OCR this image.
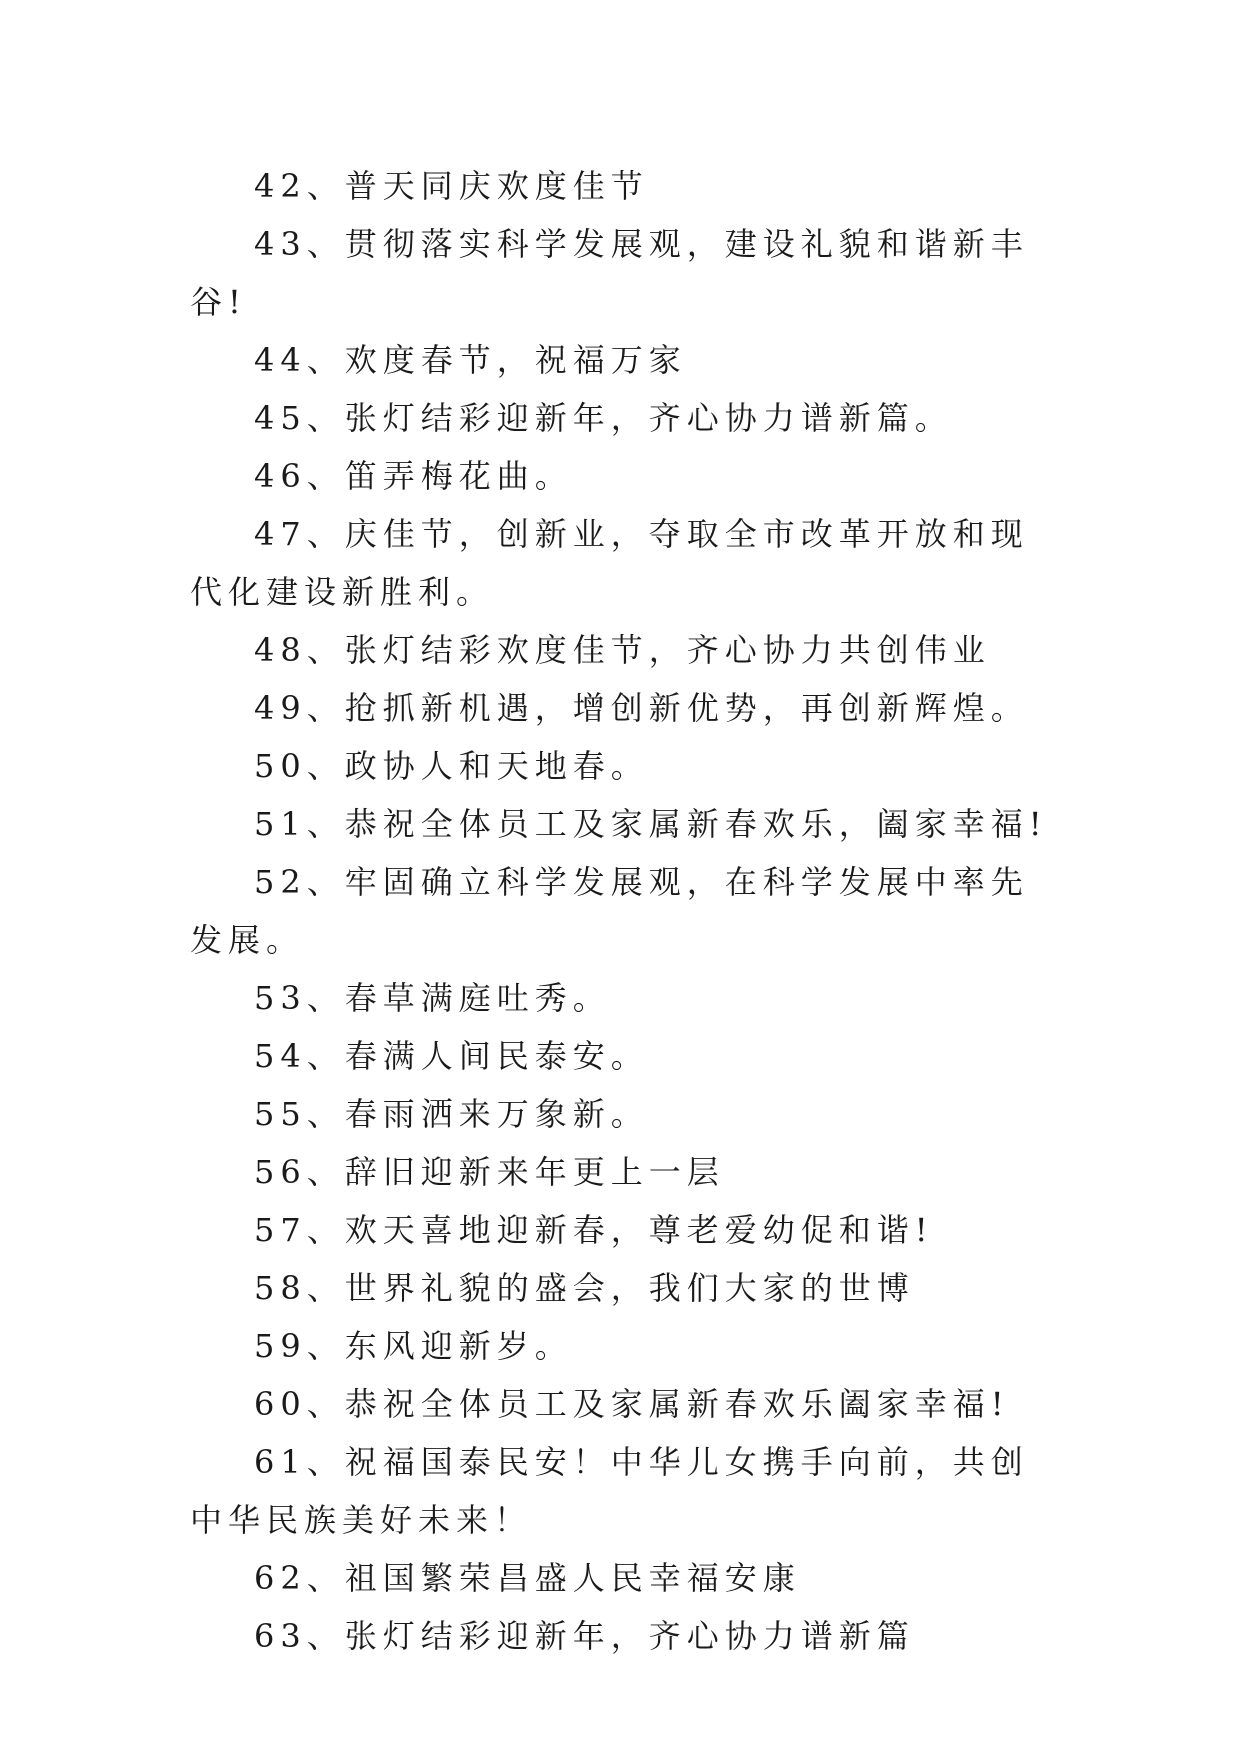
42、普天同庆欢度佳节

43、贯彻落实科学发展观，建设礼貌和谐新丰谷!

44、欢度春节，祝福万家

45、张灯结彩迎新年，齐心协力谱新篇。

46、笛弄梅花曲。

47、庆佳节，创新业，夺取全市改革开放和现代化建设新胜利。

48、张灯结彩欢度佳节，齐心协力共创伟业

49、抢抓新机遇，增创新优势，再创新辉煌。

50、政协人和天地春。

51、恭祝全体员工及家属新春欢乐，阖家幸福!

52、牢固确立科学发展观，在科学发展中率先发展。

53、春草满庭吐秀。

54、春满人间民泰安。

55、春雨洒来万象新。

56、辞旧迎新来年更上一层

57、欢天喜地迎新春，尊老爱幼促和谐!

58、世界礼貌的盛会，我们大家的世博

59、东风迎新岁。

60、恭祝全体员工及家属新春欢乐阖家幸福!

61、祝福国泰民安！中华儿女携手向前，共创中华民族美好未来！

62、祖国繁荣昌盛人民幸福安康

63、张灯结彩迎新年，齐心协力谱新篇
